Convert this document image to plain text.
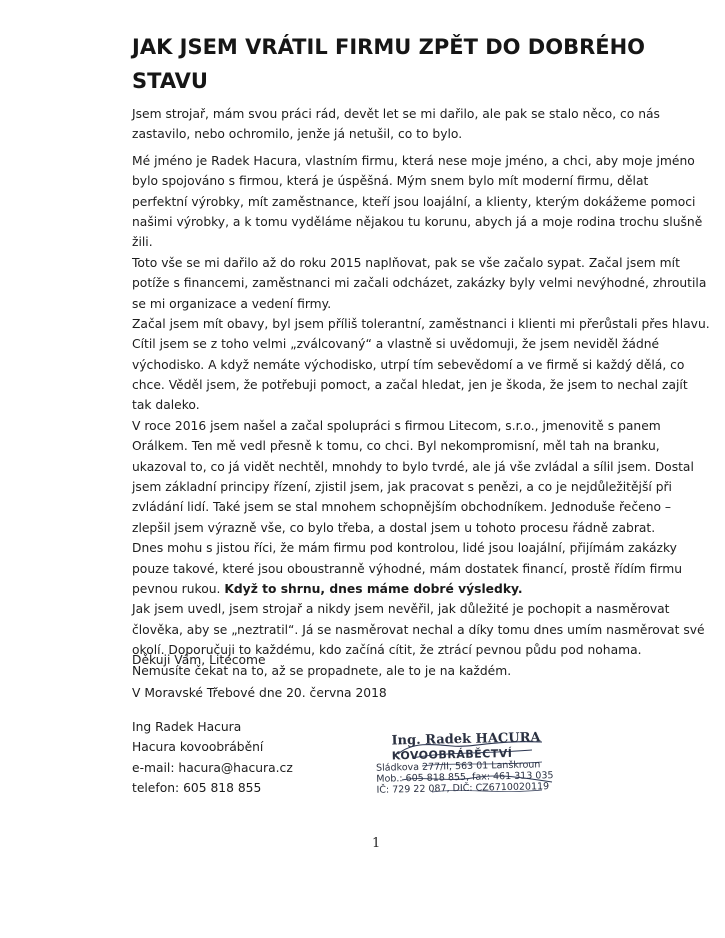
JAK JSEM VRÁTIL FIRMU ZPĚT DO DOBRÉHO
STAVU
Jsem strojař, mám svou práci rád, devět let se mi dařilo, ale pak se stalo něco, co nás
zastavilo, nebo ochromilo, jenže já netušil, co to bylo.
Mé jméno je Radek Hacura, vlastním firmu, která nese moje jméno, a chci, aby moje jméno
bylo spojováno s firmou, která je úspěšná. Mým snem bylo mít moderní firmu, dělat
perfektní výrobky, mít zaměstnance, kteří jsou loajální, a klienty, kterým dokážeme pomoci
našimi výrobky, a k tomu vyděláme nějakou tu korunu, abych já a moje rodina trochu slušně
žili.
Toto vše se mi dařilo až do roku 2015 naplňovat, pak se vše začalo sypat. Začal jsem mít
potíže s financemi, zaměstnanci mi začali odcházet, zakázky byly velmi nevýhodné, zhroutila
se mi organizace a vedení firmy.
Začal jsem mít obavy, byl jsem příliš tolerantní, zaměstnanci i klienti mi přerůstali přes hlavu.
Cítil jsem se z toho velmi „zválcovaný“ a vlastně si uvědomuji, že jsem neviděl žádné
východisko. A když nemáte východisko, utrpí tím sebevědomí a ve firmě si každý dělá, co
chce. Věděl jsem, že potřebuji pomoct, a začal hledat, jen je škoda, že jsem to nechal zajít
tak daleko.
V roce 2016 jsem našel a začal spolupráci s firmou Litecom, s.r.o., jmenovitě s panem
Orálkem. Ten mě vedl přesně k tomu, co chci. Byl nekompromisní, měl tah na branku,
ukazoval to, co já vidět nechtěl, mnohdy to bylo tvrdé, ale já vše zvládal a sílil jsem. Dostal
jsem základní principy řízení, zjistil jsem, jak pracovat s penězi, a co je nejdůležitější při
zvládání lidí. Také jsem se stal mnohem schopnějším obchodníkem. Jednoduše řečeno –
zlepšil jsem výrazně vše, co bylo třeba, a dostal jsem u tohoto procesu řádně zabrat.
Dnes mohu s jistou říci, že mám firmu pod kontrolou, lidé jsou loajální, přijímám zakázky
pouze takové, které jsou oboustranně výhodné, mám dostatek financí, prostě řídím firmu
pevnou rukou. Když to shrnu, dnes máme dobré výsledky.
Jak jsem uvedl, jsem strojař a nikdy jsem nevěřil, jak důležité je pochopit a nasměrovat
člověka, aby se „neztratil“. Já se nasměrovat nechal a díky tomu dnes umím nasměrovat své
okolí. Doporučuji to každému, kdo začíná cítit, že ztrácí pevnou půdu pod nohama.
Nemusíte čekat na to, až se propadnete, ale to je na každém.
Děkuji Vám, Litecome
V Moravské Třebové dne 20. června 2018
Ing Radek Hacura
Hacura kovoobrábění
e-mail: hacura@hacura.cz
telefon: 605 818 855
Ing. Radek HACURA
KOVOOBRÁBĚCTVÍ
Sládkova 277/II, 563 01 Lanškroun
Mob.: 605 818 855, fax: 461 313 035
IČ: 729 22 087, DIČ: CZ6710020119
1
